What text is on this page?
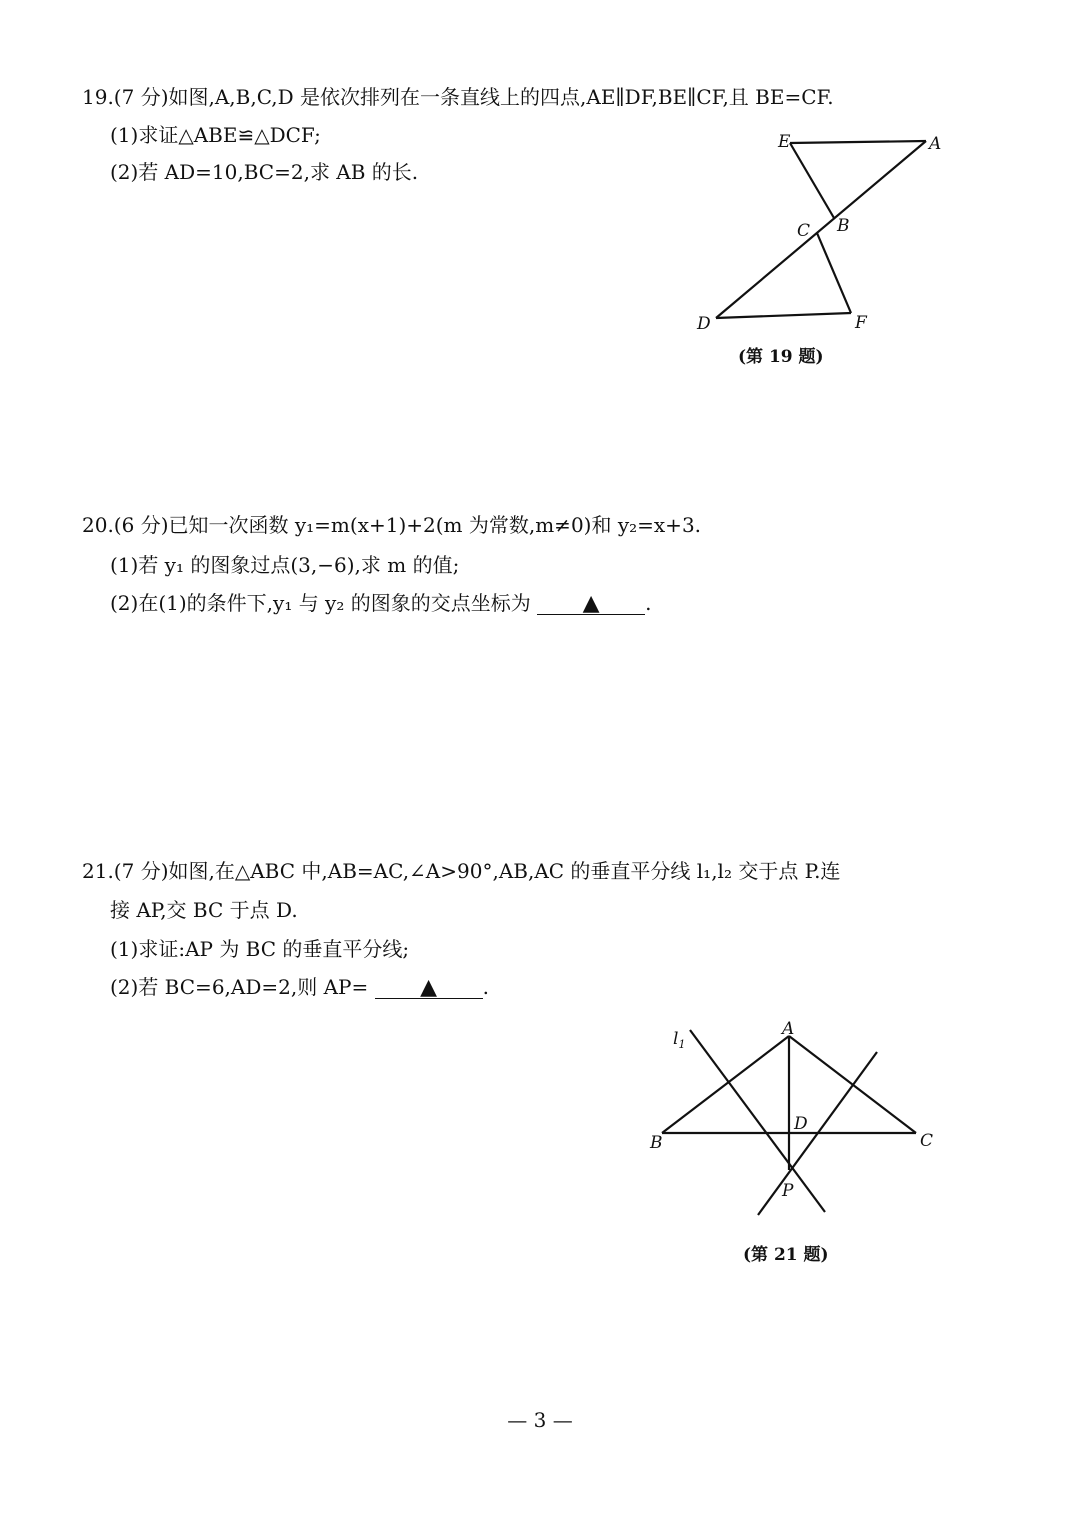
19.(7 分)如图,A,B,C,D 是依次排列在一条直线上的四点,AE∥DF,BE∥CF,且 BE=CF.
(1)求证△ABE≌△DCF;
(2)若 AD=10,BC=2,求 AB 的长.
E	A
C B
D	F
(第 19 题)
20.(6 分)已知一次函数 y₁=m(x+1)+2(m 为常数,m≠0)和 y₂=x+3.
(1)若 y₁ 的图象过点(3,−6),求 m 的值;
(2)在(1)的条件下,y₁ 与 y₂ 的图象的交点坐标为 ▲ .
21.(7 分)如图,在△ABC 中,AB=AC,∠A>90°,AB,AC 的垂直平分线 l₁,l₂ 交于点 P.连
接 AP,交 BC 于点 D.
(1)求证:AP 为 BC 的垂直平分线;
(2)若 BC=6,AD=2,则 AP= ▲ .
$l_1$
A
B	C
D
P
(第 21 题)
— 3 —
